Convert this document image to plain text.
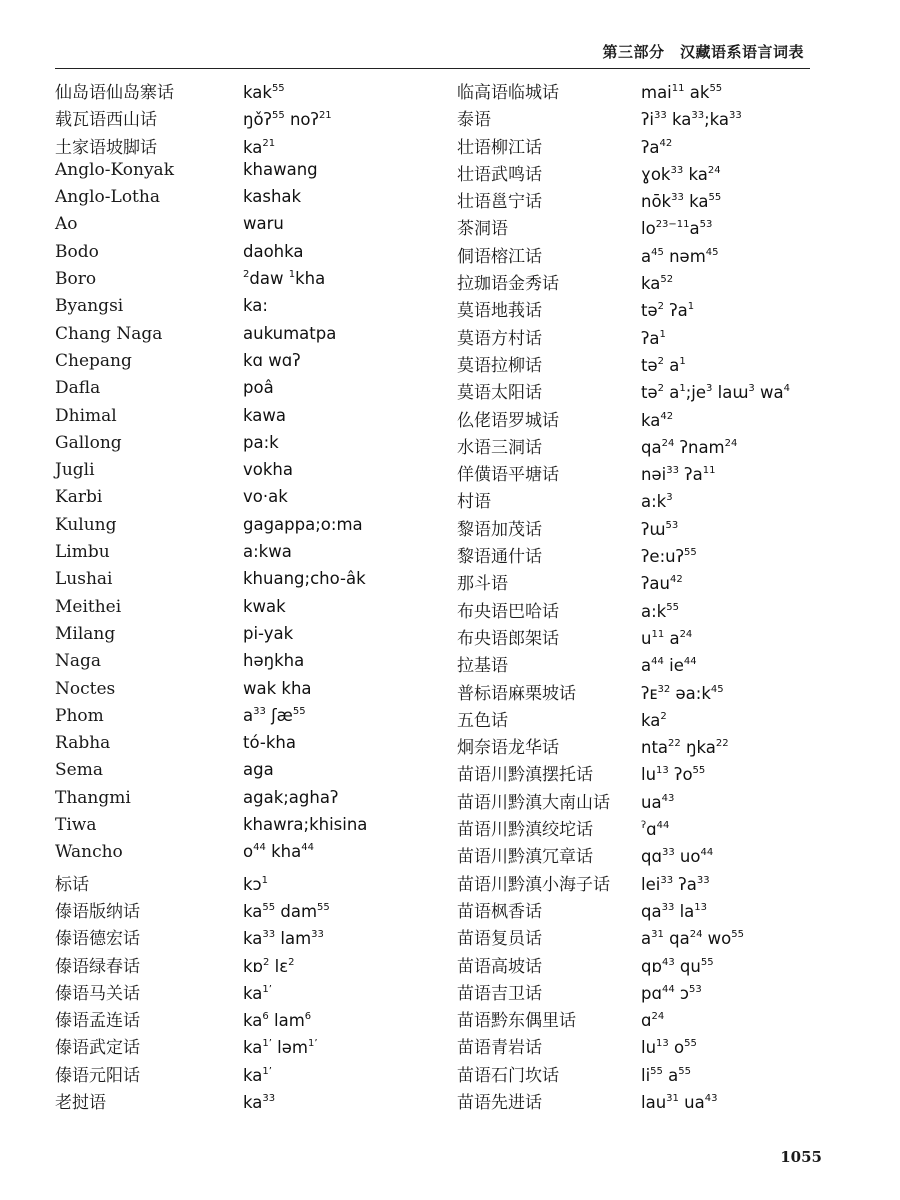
第三部分　汉藏语系语言词表
仙岛语仙岛寨话	kak$^{55}$
载瓦语西山话	ŋǒʔ$^{55}$ noʔ$^{21}$
土家语坡脚话	$ka^{21}$
Anglo-Konyak	khawang
Anglo-Lotha	kashak
Ao	waru
Bodo	daohka
Boro	$^2$daw $^1$kha
Byangsi	ka:
Chang Naga	aukumatpa
Chepang	kɑ wɑʔ
Dafla	poâ
Dhimal	kawa
Gallong	pa:k
Jugli	vokha
Karbi	vo·ak
Kulung	gagappa;o:ma
Limbu	a:kwa
Lushai	khuang;cho-âk
Meithei	kwak
Milang	pi-yak
Naga	həŋkha
Noctes	wak kha
Phom	$a^{33}$ ʃæ$^{55}$
Rabha	tó-kha
Sema	aga
Thangmi	agak;aghaʔ
Tiwa	khawra;khisina
Wancho	$o^{44}$ kha$^{44}$
标话	kɔ$^1$
傣语版纳话	$ka^{55}$ dam$^{55}$
傣语德宏话	$ka^{33}$ lam$^{33}$
傣语绿春话	kɒ$^2$ lɛ$^2$
傣语马关话	$ka^{1’}$
傣语孟连话	$ka^6$ lam$^6$
傣语武定话	$ka^{1’}$ ləm$^{1’}$
傣语元阳话	$ka^{1’}$
老挝语	$ka^{33}$
临高语临城话	mai$^{11}$ $ak^{55}$
泰语	ʔi$^{33}$ $ka^{33};ka^{33}$
壮语柳江话	ʔa$^{42}$
壮语武鸣话	ɣok$^{33}$ $ka^{24}$
壮语邕宁话	nōk$^{33}$ $ka^{55}$
茶洞语	$lo^{23-11}a^{53}$
侗语榕江话	$a^{45}$ nəm$^{45}$
拉珈语金秀话	$ka^{52}$
莫语地莪话	tə$^2$ ʔa$^1$
莫语方村话	ʔa$^1$
莫语拉柳话	tə$^2$ $a^1$
莫语太阳话	tə$^2$ $a^1;je^3$ laɯ$^3$ $wa^4$
仫佬语罗城话	$ka^{42}$
水语三洞话	$qa^{24}$ ʔnam$^{24}$
佯僙语平塘话	nəi$^{33}$ ʔa$^{11}$
村语	$a:k^3$
黎语加茂话	ʔɯ$^{53}$
黎语通什话	ʔe:uʔ$^{55}$
那斗语	ʔau$^{42}$
布央语巴哈话	$a:k^{55}$
布央语郎架话	$u^{11}$ $a^{24}$
拉基语	$a^{44}$ $ie^{44}$
普标语麻栗坡话	ʔᴇ$^{32}$ $əa:k^{45}$
五色话	$ka^2$
炯奈语龙华话	nta$^{22}$ ŋka$^{22}$
苗语川黔滇摆托话	$lu^{13}$ ʔo$^{55}$
苗语川黔滇大南山话	$ua^{43}$
苗语川黔滇绞坨话	$^ʔ$ɑ$^{44}$
苗语川黔滇冗章话	qɑ$^{33}$ $uo^{44}$
苗语川黔滇小海子话	lei$^{33}$ ʔa$^{33}$
苗语枫香话	$qa^{33}$ $la^{13}$
苗语复员话	$a^{31}$ $qa^{24}$ $wo^{55}$
苗语高坡话	qɒ$^{43}$ $qu^{55}$
苗语吉卫话	pɑ$^{44}$ ɔ$^{53}$
苗语黔东偶里话	ɑ$^{24}$
苗语青岩话	$lu^{13}$ $o^{55}$
苗语石门坎话	$li^{55}$ $a^{55}$
苗语先进话	lau$^{31}$ $ua^{43}$
1055
